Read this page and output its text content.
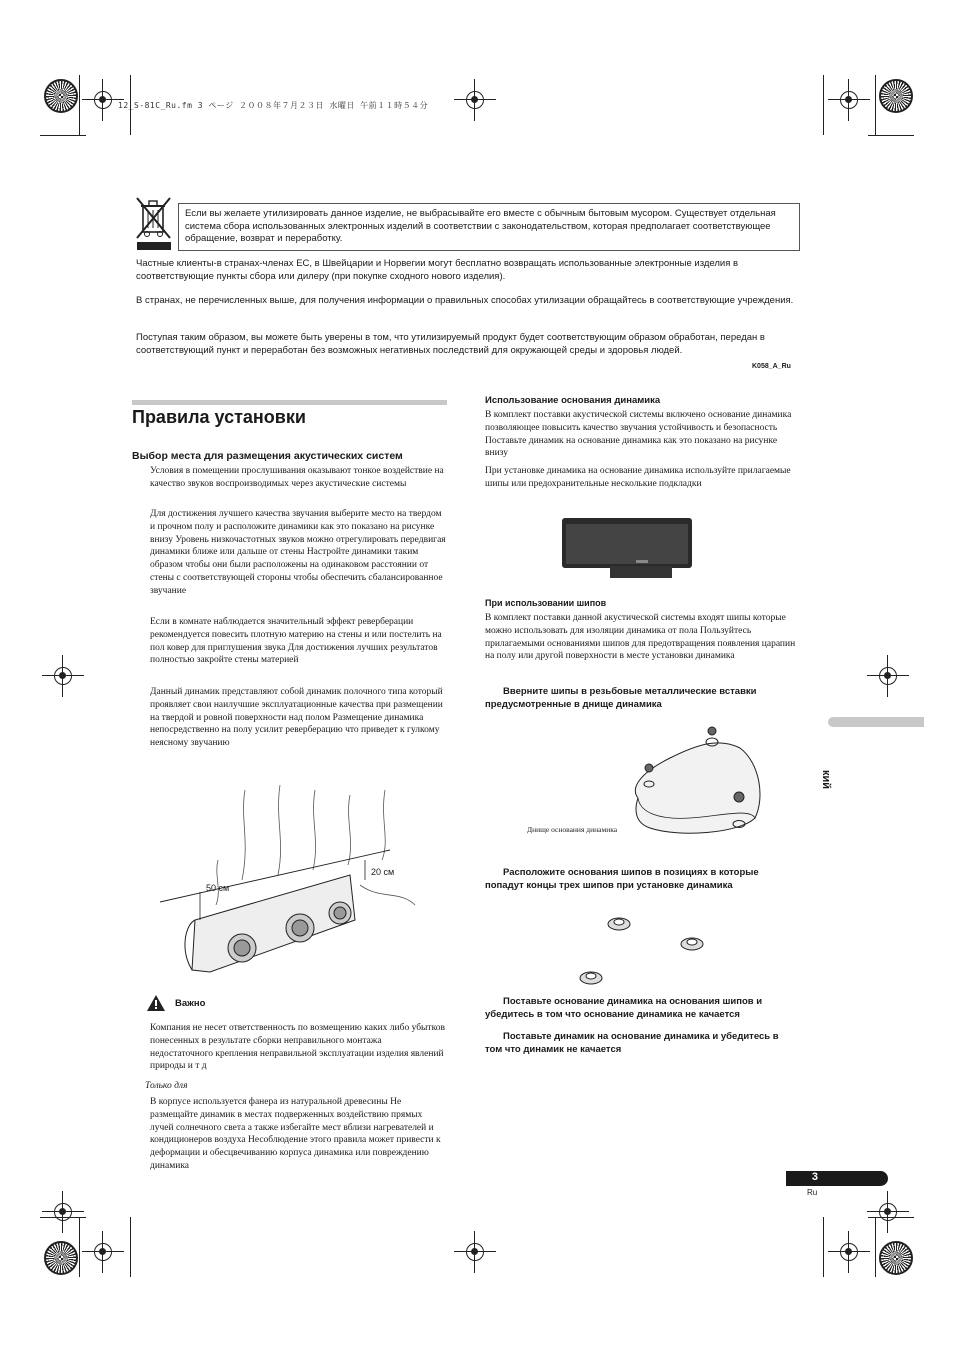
12_S-81C_Ru.fm 3 ページ ２００８年７月２３日 水曜日 午前１１時５４分

Если вы желаете утилизировать данное изделие, не выбрасывайте его вместе с обычным бытовым мусором. Существует отдельная система сбора использованных электронных изделий в соответствии с законодательством, которая предполагает соответствующее обращение, возврат и переработку.

Частные клиенты-в странах-членах ЕС, в Швейцарии и Норвегии могут бесплатно возвращать использованные электронные изделия в соответствующие пункты сбора или дилеру (при покупке сходного нового изделия).

В странах, не перечисленных выше, для получения информации о правильных способах утилизации обращайтесь в соответствующие учреждения.

Поступая таким образом, вы можете быть уверены в том, что утилизируемый продукт будет соответствующим образом обработан, передан в соответствующий пункт и переработан без возможных негативных последствий для окружающей среды и здоровья людей.

K058_A_Ru
Правила установки
Выбор места для размещения акустических систем

Условия в помещении прослушивания оказывают тонкое воздействие на качество звуков воспроизводимых через акустические системы

Для достижения лучшего качества звучания выберите место на твердом и прочном полу и расположите динамики как это показано на рисунке внизу Уровень низкочастотных звуков можно отрегулировать передвигая динамики ближе или дальше от стены Настройте динамики таким образом чтобы они были расположены на одинаковом расстоянии от стены с соответствующей стороны чтобы обеспечить сбалансированное звучание

Если в комнате наблюдается значительный эффект реверберации рекомендуется повесить плотную материю на стены и или постелить на пол ковер для приглушения звука Для достижения лучших результатов полностью закройте стены материей

Данный динамик представляют собой динамик полочного типа который проявляет свои наилучшие эксплуатационные качества при размещении на твердой и ровной поверхности над полом Размещение динамика непосредственно на полу усилит реверберацию что приведет к гулкому неясному звучанию

50 см
20 см
Важно

Компания не несет ответственность по возмещению каких либо убытков понесенных в результате сборки неправильного монтажа недостаточного крепления неправильной эксплуатации изделия явлений природы и т д

Только для

В корпусе используется фанера из натуральной древесины Не размещайте динамик в местах подверженных воздействию прямых лучей солнечного света а также избегайте мест вблизи нагревателей и кондиционеров воздуха Несоблюдение этого правила может привести к деформации и обесцвечиванию корпуса динамика или повреждению динамика

Использование основания динамика

В комплект поставки акустической системы включено основание динамика позволяющее повысить качество звучания устойчивость и безопасность Поставьте динамик на основание динамика как это показано на рисунке внизу

При установке динамика на основание динамика используйте прилагаемые шипы или предохранительные несколькие подкладки

При использовании шипов

В комплект поставки данной акустической системы входят шипы которые можно использовать для изоляции динамика от пола Пользуйтесь прилагаемыми основаниями шипов для предотвращения появления царапин на полу или другой поверхности в месте установки динамика

Вверните шипы в резьбовые металлические вставки предусмотренные в днище динамика

Днище основания динамика

Расположите основания шипов в позициях в которые попадут концы трех шипов при установке динамика

Поставьте основание динамика на основания шипов и убедитесь в том что основание динамика не качается

Поставьте динамик на основание динамика и убедитесь в том что динамик не качается

кий
3
Ru
